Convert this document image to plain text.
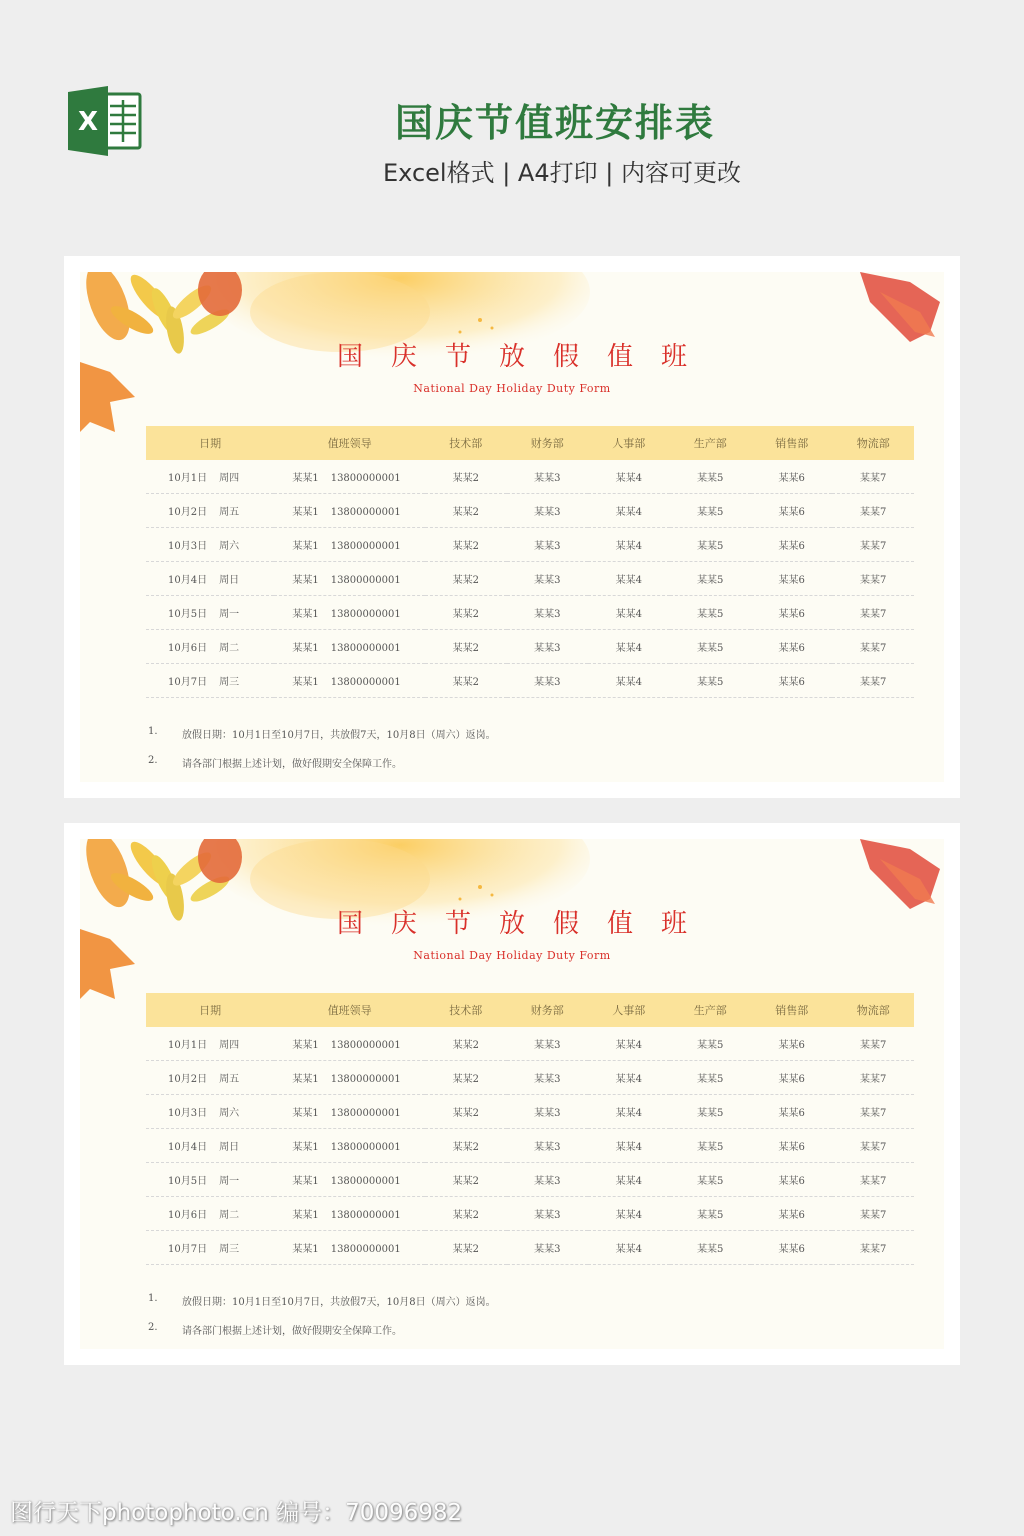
X	国庆节值班安排表
Excel格式 | A4打印 | 内容可更改
国庆节放假值班
National Day Holiday Duty Form
日期	值班领导	技术部	财务部	人事部	生产部	销售部	物流部
10月1日 周四	某某1 13800000001	某某2	某某3	某某4	某某5	某某6	某某7
10月2日 周五	某某1 13800000001	某某2	某某3	某某4	某某5	某某6	某某7
10月3日 周六	某某1 13800000001	某某2	某某3	某某4	某某5	某某6	某某7
10月4日 周日	某某1 13800000001	某某2	某某3	某某4	某某5	某某6	某某7
10月5日 周一	某某1 13800000001	某某2	某某3	某某4	某某5	某某6	某某7
10月6日 周二	某某1 13800000001	某某2	某某3	某某4	某某5	某某6	某某7
10月7日 周三	某某1 13800000001	某某2	某某3	某某4	某某5	某某6	某某7
1. 放假日期：10月1日至10月7日，共放假7天，10月8日（周六）返岗。
2. 请各部门根据上述计划，做好假期安全保障工作。
国庆节放假值班
National Day Holiday Duty Form
日期	值班领导	技术部	财务部	人事部	生产部	销售部	物流部
10月1日 周四	某某1 13800000001	某某2	某某3	某某4	某某5	某某6	某某7
10月2日 周五	某某1 13800000001	某某2	某某3	某某4	某某5	某某6	某某7
10月3日 周六	某某1 13800000001	某某2	某某3	某某4	某某5	某某6	某某7
10月4日 周日	某某1 13800000001	某某2	某某3	某某4	某某5	某某6	某某7
10月5日 周一	某某1 13800000001	某某2	某某3	某某4	某某5	某某6	某某7
10月6日 周二	某某1 13800000001	某某2	某某3	某某4	某某5	某某6	某某7
10月7日 周三	某某1 13800000001	某某2	某某3	某某4	某某5	某某6	某某7
1. 放假日期：10月1日至10月7日，共放假7天，10月8日（周六）返岗。
2. 请各部门根据上述计划，做好假期安全保障工作。
图行天下photophoto.cn 编号：70096982
